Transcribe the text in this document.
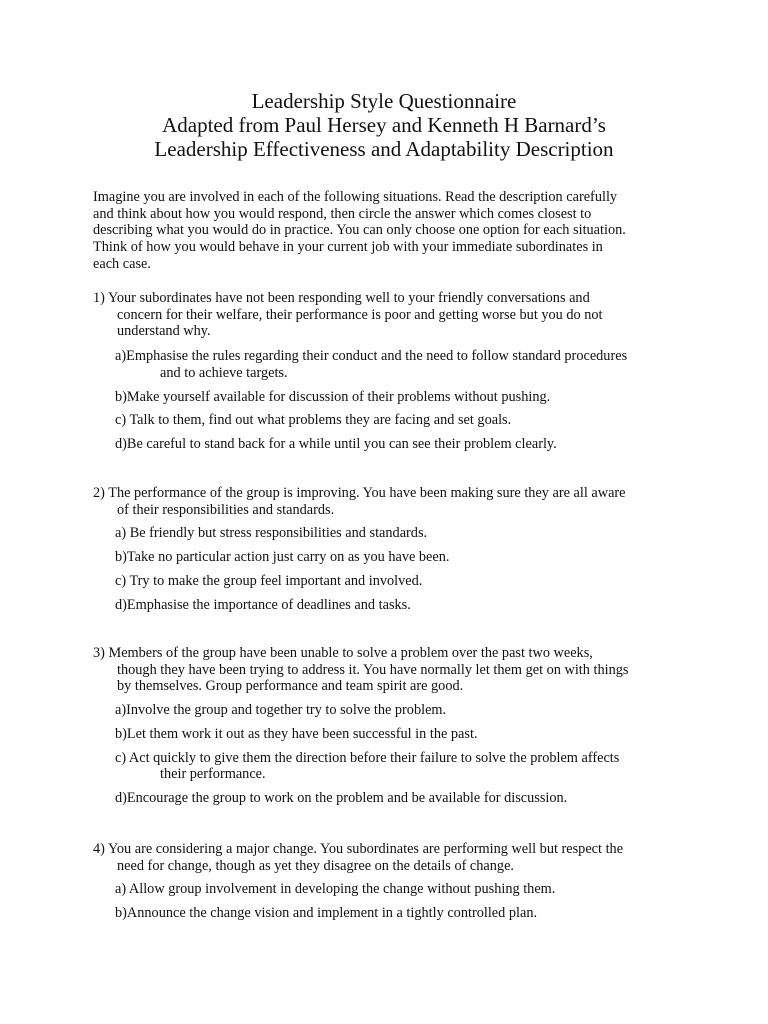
Leadership Style Questionnaire
Adapted from Paul Hersey and Kenneth H Barnard’s
Leadership Effectiveness and Adaptability Description
Imagine you are involved in each of the following situations. Read the description carefully
and think about how you would respond, then circle the answer which comes closest to
describing what you would do in practice. You can only choose one option for each situation.
Think of how you would behave in your current job with your immediate subordinates in
each case.
1) Your subordinates have not been responding well to your friendly conversations and
concern for their welfare, their performance is poor and getting worse but you do not
understand why.
a)Emphasise the rules regarding their conduct and the need to follow standard procedures
and to achieve targets.
b)Make yourself available for discussion of their problems without pushing.
c) Talk to them, find out what problems they are facing and set goals.
d)Be careful to stand back for a while until you can see their problem clearly.
2) The performance of the group is improving. You have been making sure they are all aware
of their responsibilities and standards.
a) Be friendly but stress responsibilities and standards.
b)Take no particular action just carry on as you have been.
c) Try to make the group feel important and involved.
d)Emphasise the importance of deadlines and tasks.
3) Members of the group have been unable to solve a problem over the past two weeks,
though they have been trying to address it. You have normally let them get on with things
by themselves. Group performance and team spirit are good.
a)Involve the group and together try to solve the problem.
b)Let them work it out as they have been successful in the past.
c) Act quickly to give them the direction before their failure to solve the problem affects
their performance.
d)Encourage the group to work on the problem and be available for discussion.
4) You are considering a major change. You subordinates are performing well but respect the
need for change, though as yet they disagree on the details of change.
a) Allow group involvement in developing the change without pushing them.
b)Announce the change vision and implement in a tightly controlled plan.
